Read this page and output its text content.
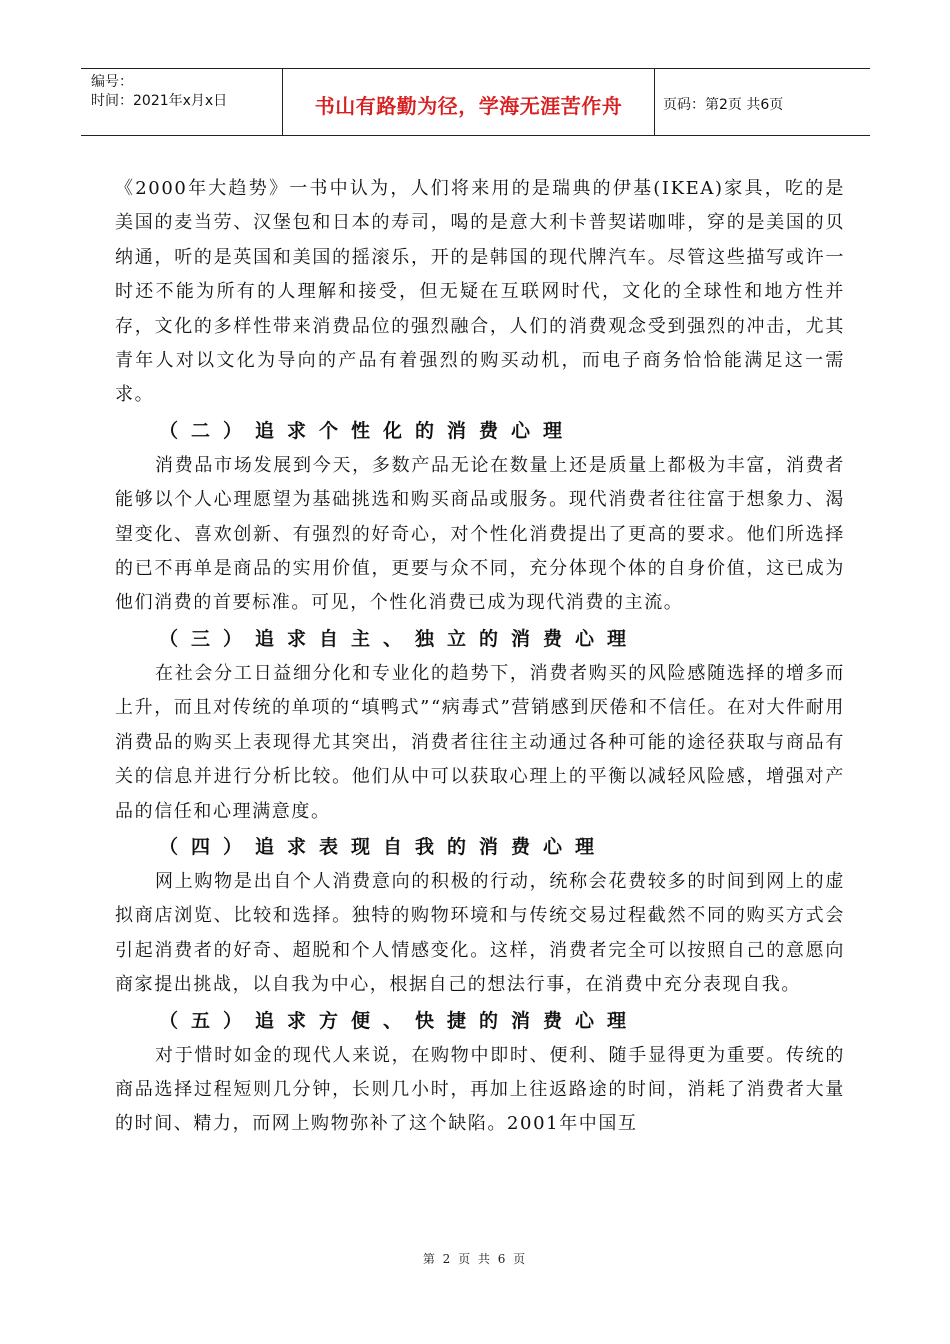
编号：
时间：2021年x月x日	书山有路勤为径，学海无涯苦作舟	页码：第2页 共6页

《2000年大趋势》一书中认为，人们将来用的是瑞典的伊基(IKEA)家具，吃的是美国的麦当劳、汉堡包和日本的寿司，喝的是意大利卡普契诺咖啡，穿的是美国的贝纳通，听的是英国和美国的摇滚乐，开的是韩国的现代牌汽车。尽管这些描写或许一时还不能为所有的人理解和接受，但无疑在互联网时代，文化的全球性和地方性并存，文化的多样性带来消费品位的强烈融合，人们的消费观念受到强烈的冲击，尤其青年人对以文化为导向的产品有着强烈的购买动机，而电子商务恰恰能满足这一需求。

（二）追求个性化的消费心理

消费品市场发展到今天，多数产品无论在数量上还是质量上都极为丰富，消费者能够以个人心理愿望为基础挑选和购买商品或服务。现代消费者往往富于想象力、渴望变化、喜欢创新、有强烈的好奇心，对个性化消费提出了更高的要求。他们所选择的已不再单是商品的实用价值，更要与众不同，充分体现个体的自身价值，这已成为他们消费的首要标准。可见，个性化消费已成为现代消费的主流。

（三）追求自主、独立的消费心理

在社会分工日益细分化和专业化的趋势下，消费者购买的风险感随选择的增多而上升，而且对传统的单项的“填鸭式”“病毒式”营销感到厌倦和不信任。在对大件耐用消费品的购买上表现得尤其突出，消费者往往主动通过各种可能的途径获取与商品有关的信息并进行分析比较。他们从中可以获取心理上的平衡以减轻风险感，增强对产品的信任和心理满意度。

（四）追求表现自我的消费心理

网上购物是出自个人消费意向的积极的行动，统称会花费较多的时间到网上的虚拟商店浏览、比较和选择。独特的购物环境和与传统交易过程截然不同的购买方式会引起消费者的好奇、超脱和个人情感变化。这样，消费者完全可以按照自己的意愿向商家提出挑战，以自我为中心，根据自己的想法行事，在消费中充分表现自我。

（五）追求方便、快捷的消费心理

对于惜时如金的现代人来说，在购物中即时、便利、随手显得更为重要。传统的商品选择过程短则几分钟，长则几小时，再加上往返路途的时间，消耗了消费者大量的时间、精力，而网上购物弥补了这个缺陷。2001年中国互

第 2 页 共 6 页
